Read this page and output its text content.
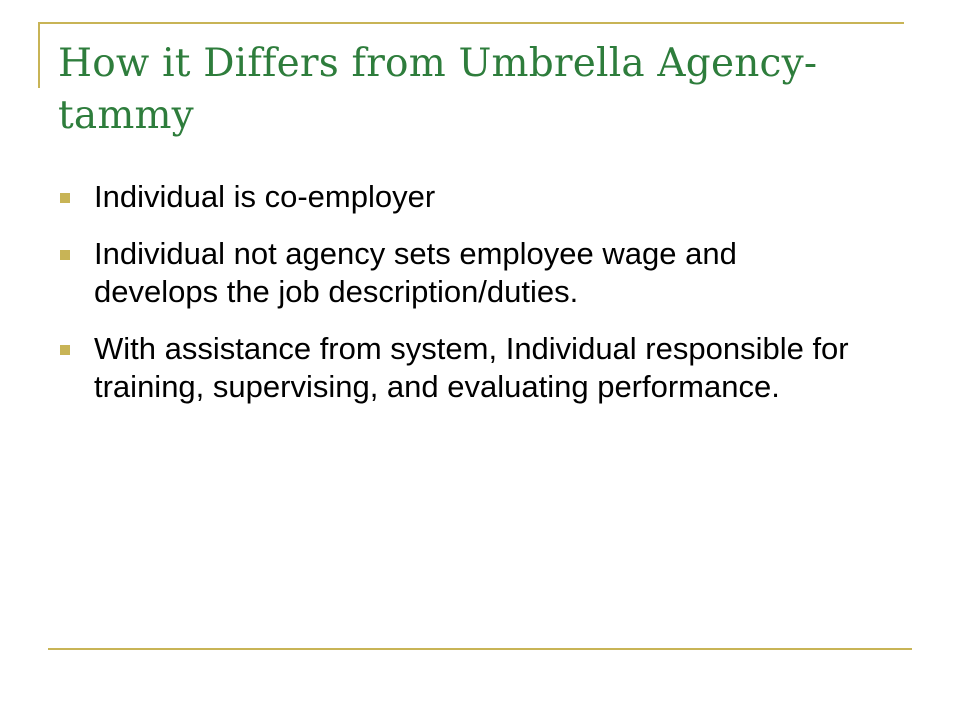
How it Differs from Umbrella Agency-tammy
Individual is co-employer
Individual not agency sets employee wage and develops the job description/duties.
With assistance from system, Individual responsible for training, supervising, and evaluating performance.
